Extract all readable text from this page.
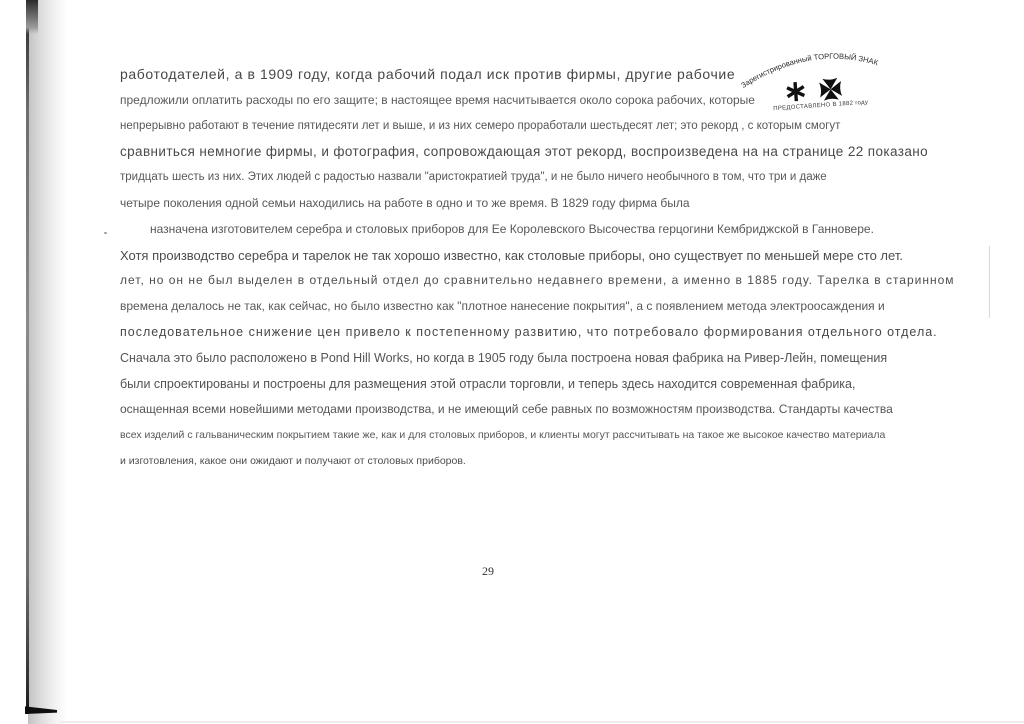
Зарегистрированный ТОРГОВЫЙ ЗНАК
ПРЕДОСТАВЛЕНО В 1882 году
работодателей, а в 1909 году, когда рабочий подал иск против фирмы, другие рабочие
предложили оплатить расходы по его защите; в настоящее время насчитывается около сорока рабочих, которые
непрерывно работают в течение пятидесяти лет и выше, и из них семеро проработали шестьдесят лет; это рекорд , с которым смогут
сравниться немногие фирмы, и фотография, сопровождающая этот рекорд, воспроизведена на на странице 22 показано
тридцать шесть из них. Этих людей с радостью назвали "аристократией труда", и не было ничего необычного в том, что три и даже
четыре поколения одной семьи находились на работе в одно и то же время. В 1829 году фирма была
назначена изготовителем серебра и столовых приборов для Ее Королевского Высочества герцогини Кембриджской в Ганновере.
Хотя производство серебра и тарелок не так хорошо известно, как столовые приборы, оно существует по меньшей мере сто лет.
лет, но он не был выделен в отдельный отдел до сравнительно недавнего времени, а именно в 1885 году. Тарелка в старинном
времена делалось не так, как сейчас, но было известно как "плотное нанесение покрытия", а с появлением метода электроосаждения и
последовательное снижение цен привело к постепенному развитию, что потребовало формирования отдельного отдела.
Сначала это было расположено в Pond Hill Works, но когда в 1905 году была построена новая фабрика на Ривер-Лейн, помещения
были спроектированы и построены для размещения этой отрасли торговли, и теперь здесь находится современная фабрика,
оснащенная всеми новейшими методами производства, и не имеющий себе равных по возможностям производства. Стандарты качества
всех изделий с гальваническим покрытием такие же, как и для столовых приборов, и клиенты могут рассчитывать на такое же высокое качество материала
и изготовления, какое они ожидают и получают от столовых приборов.
29
